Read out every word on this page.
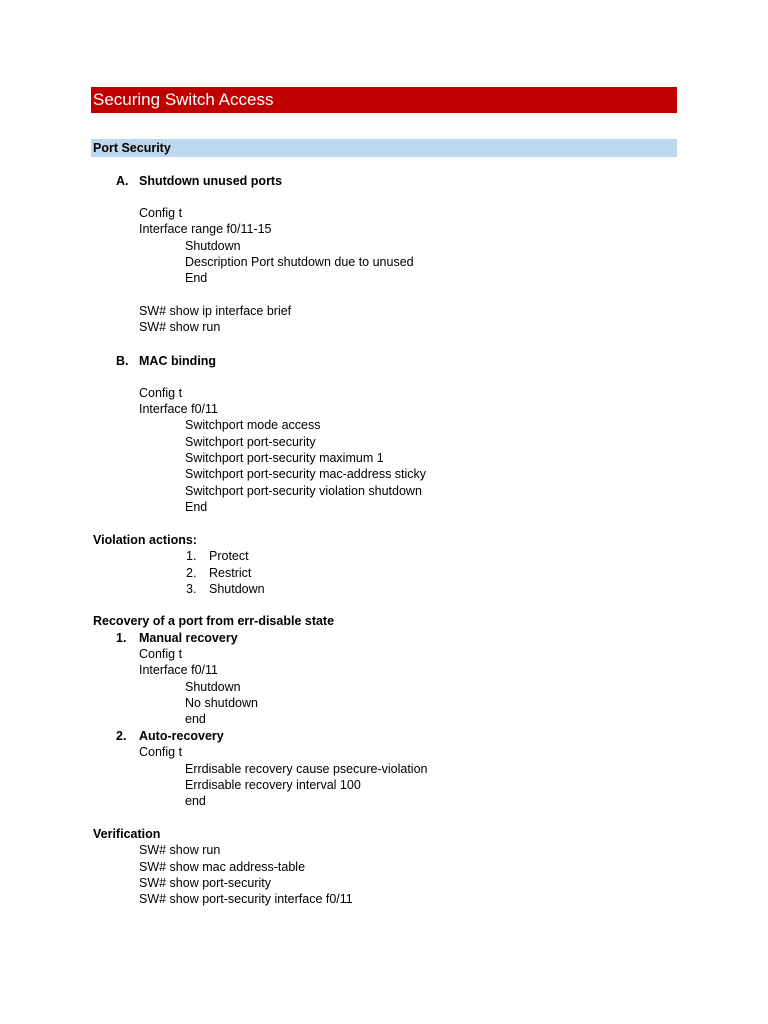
Securing Switch Access
Port Security
A. Shutdown unused ports
Config t
Interface range f0/11-15
Shutdown
Description Port shutdown due to unused
End
SW# show ip interface brief
SW# show run
B. MAC binding
Config t
Interface f0/11
Switchport mode access
Switchport port-security
Switchport port-security maximum 1
Switchport port-security mac-address sticky
Switchport port-security violation shutdown
End
Violation actions:
1. Protect
2. Restrict
3. Shutdown
Recovery of a port from err-disable state
1. Manual recovery
Config t
Interface f0/11
Shutdown
No shutdown
end
2. Auto-recovery
Config t
Errdisable recovery cause psecure-violation
Errdisable recovery interval 100
end
Verification
SW# show run
SW# show mac address-table
SW# show port-security
SW# show port-security interface f0/11
